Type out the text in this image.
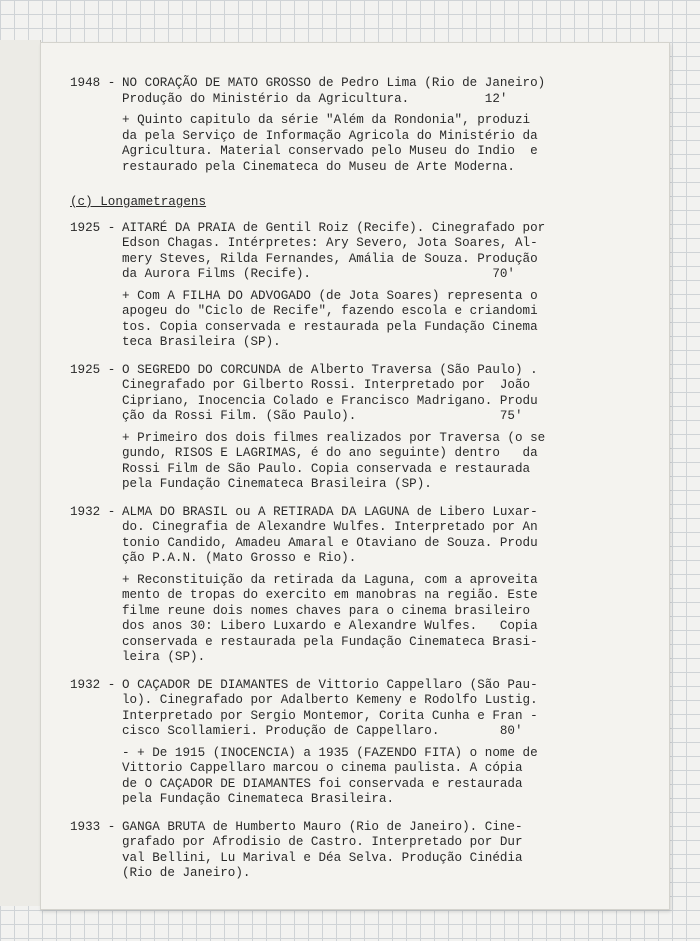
1948 - NO CORAÇÃO DE MATO GROSSO de Pedro Lima (Rio de Janeiro)
Produção do Ministério da Agricultura.          12'
+ Quinto capitulo da série "Além da Rondonia", produzi
da pela Serviço de Informação Agricola do Ministério da
Agricultura. Material conservado pelo Museu do Indio  e
restaurado pela Cinemateca do Museu de Arte Moderna.
(c) Longametragens
1925 - AITARÉ DA PRAIA de Gentil Roiz (Recife). Cinegrafado por
Edson Chagas. Intérpretes: Ary Severo, Jota Soares, Al-
mery Steves, Rilda Fernandes, Amália de Souza. Produção
da Aurora Films (Recife).                        70'
+ Com A FILHA DO ADVOGADO (de Jota Soares) representa o
apogeu do "Ciclo de Recife", fazendo escola e criandomi
tos. Copia conservada e restaurada pela Fundação Cinema
teca Brasileira (SP).
1925 - O SEGREDO DO CORCUNDA de Alberto Traversa (São Paulo) .
Cinegrafado por Gilberto Rossi. Interpretado por  João
Cipriano, Inocencia Colado e Francisco Madrigano. Produ
ção da Rossi Film. (São Paulo).                   75'
+ Primeiro dos dois filmes realizados por Traversa (o se
gundo, RISOS E LAGRIMAS, é do ano seguinte) dentro   da
Rossi Film de São Paulo. Copia conservada e restaurada
pela Fundação Cinemateca Brasileira (SP).
1932 - ALMA DO BRASIL ou A RETIRADA DA LAGUNA de Libero Luxar-
do. Cinegrafia de Alexandre Wulfes. Interpretado por An
tonio Candido, Amadeu Amaral e Otaviano de Souza. Produ
ção P.A.N. (Mato Grosso e Rio).
+ Reconstituição da retirada da Laguna, com a aproveita
mento de tropas do exercito em manobras na região. Este
filme reune dois nomes chaves para o cinema brasileiro
dos anos 30: Libero Luxardo e Alexandre Wulfes.   Copia
conservada e restaurada pela Fundação Cinemateca Brasi-
leira (SP).
1932 - O CAÇADOR DE DIAMANTES de Vittorio Cappellaro (São Pau-
lo). Cinegrafado por Adalberto Kemeny e Rodolfo Lustig.
Interpretado por Sergio Montemor, Corita Cunha e Fran -
cisco Scollamieri. Produção de Cappellaro.        80'
- + De 1915 (INOCENCIA) a 1935 (FAZENDO FITA) o nome de
Vittorio Cappellaro marcou o cinema paulista. A cópia
de O CAÇADOR DE DIAMANTES foi conservada e restaurada
pela Fundação Cinemateca Brasileira.
1933 - GANGA BRUTA de Humberto Mauro (Rio de Janeiro). Cine-
grafado por Afrodisio de Castro. Interpretado por Dur
val Bellini, Lu Marival e Déa Selva. Produção Cinédia
(Rio de Janeiro).
